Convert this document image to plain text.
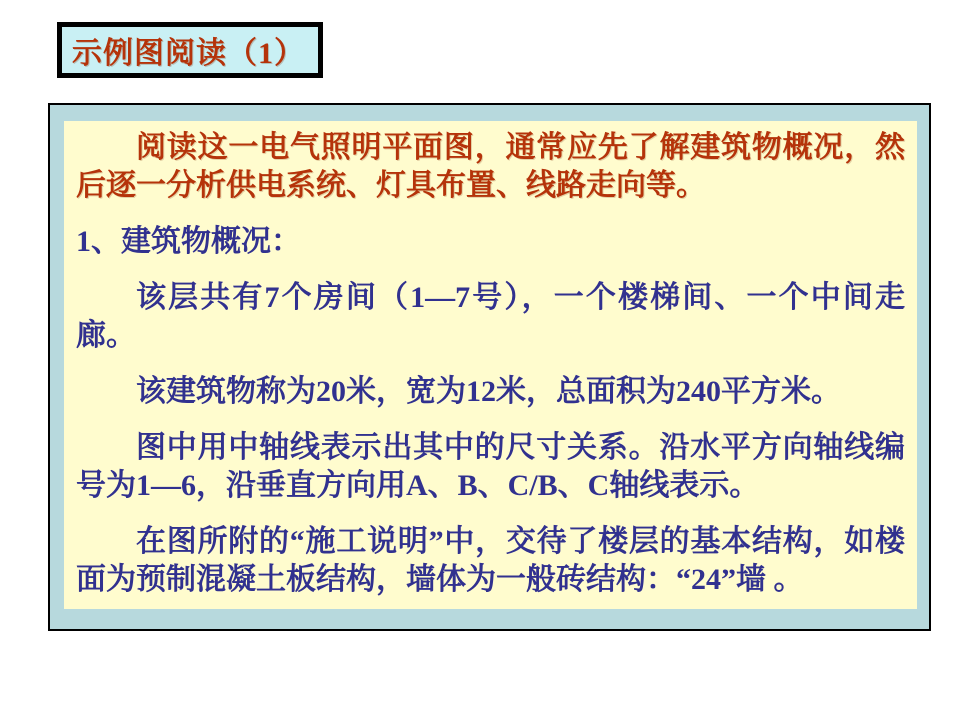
示例图阅读（1）

阅读这一电气照明平面图，通常应先了解建筑物概况，然后逐一分析供电系统、灯具布置、线路走向等。

1、建筑物概况：

该层共有7个房间（1—7号），一个楼梯间、一个中间走廊。

该建筑物称为20米，宽为12米，总面积为240平方米。

图中用中轴线表示出其中的尺寸关系。沿水平方向轴线编号为1—6，沿垂直方向用A、B、C/B、C轴线表示。

在图所附的“施工说明”中，交待了楼层的基本结构，如楼面为预制混凝土板结构，墙体为一般砖结构：“24”墙 。
